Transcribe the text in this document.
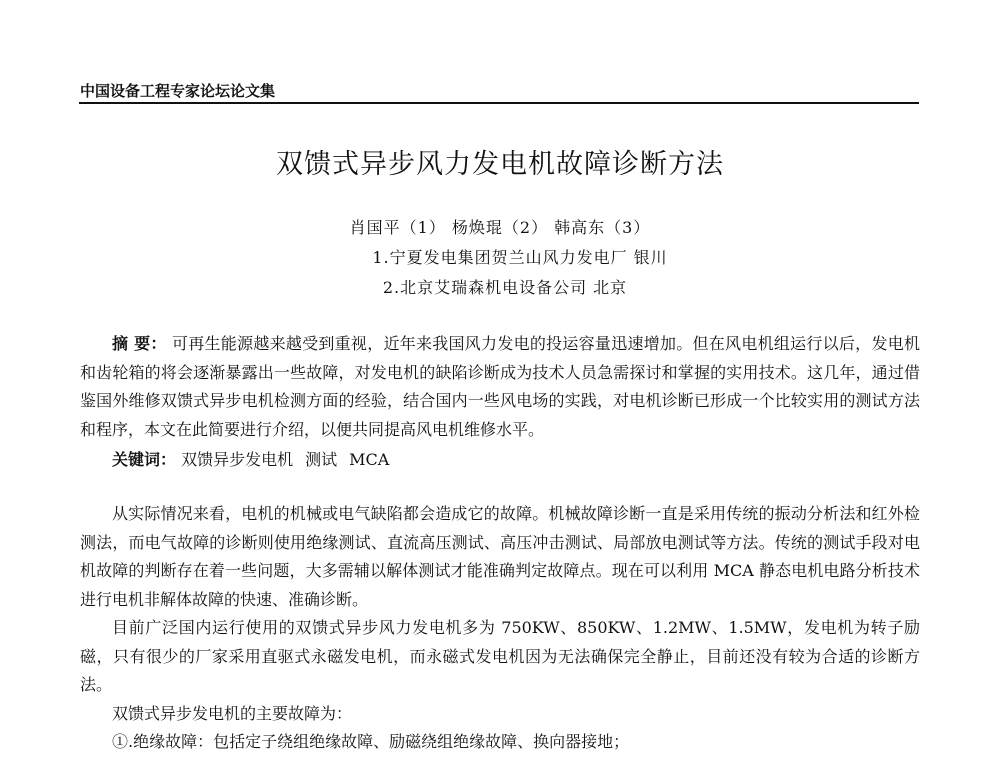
中国设备工程专家论坛论文集
双馈式异步风力发电机故障诊断方法
肖国平（1） 杨焕琨（2） 韩高东（3）
1.宁夏发电集团贺兰山风力发电厂 银川
2.北京艾瑞森机电设备公司 北京

摘 要： 可再生能源越来越受到重视，近年来我国风力发电的投运容量迅速增加。但在风电机组运行以后，发电机和齿轮箱的将会逐渐暴露出一些故障，对发电机的缺陷诊断成为技术人员急需探讨和掌握的实用技术。这几年，通过借鉴国外维修双馈式异步电机检测方面的经验，结合国内一些风电场的实践，对电机诊断已形成一个比较实用的测试方法和程序，本文在此简要进行介绍，以便共同提高风电机维修水平。

关键词： 双馈异步发电机 测试 MCA

从实际情况来看，电机的机械或电气缺陷都会造成它的故障。机械故障诊断一直是采用传统的振动分析法和红外检测法，而电气故障的诊断则使用绝缘测试、直流高压测试、高压冲击测试、局部放电测试等方法。传统的测试手段对电机故障的判断存在着一些问题，大多需辅以解体测试才能准确判定故障点。现在可以利用 MCA 静态电机电路分析技术进行电机非解体故障的快速、准确诊断。

目前广泛国内运行使用的双馈式异步风力发电机多为 750KW、850KW、1.2MW、1.5MW，发电机为转子励磁，只有很少的厂家采用直驱式永磁发电机，而永磁式发电机因为无法确保完全静止，目前还没有较为合适的诊断方法。

双馈式异步发电机的主要故障为：

①.绝缘故障：包括定子绕组绝缘故障、励磁绕组绝缘故障、换向器接地；
